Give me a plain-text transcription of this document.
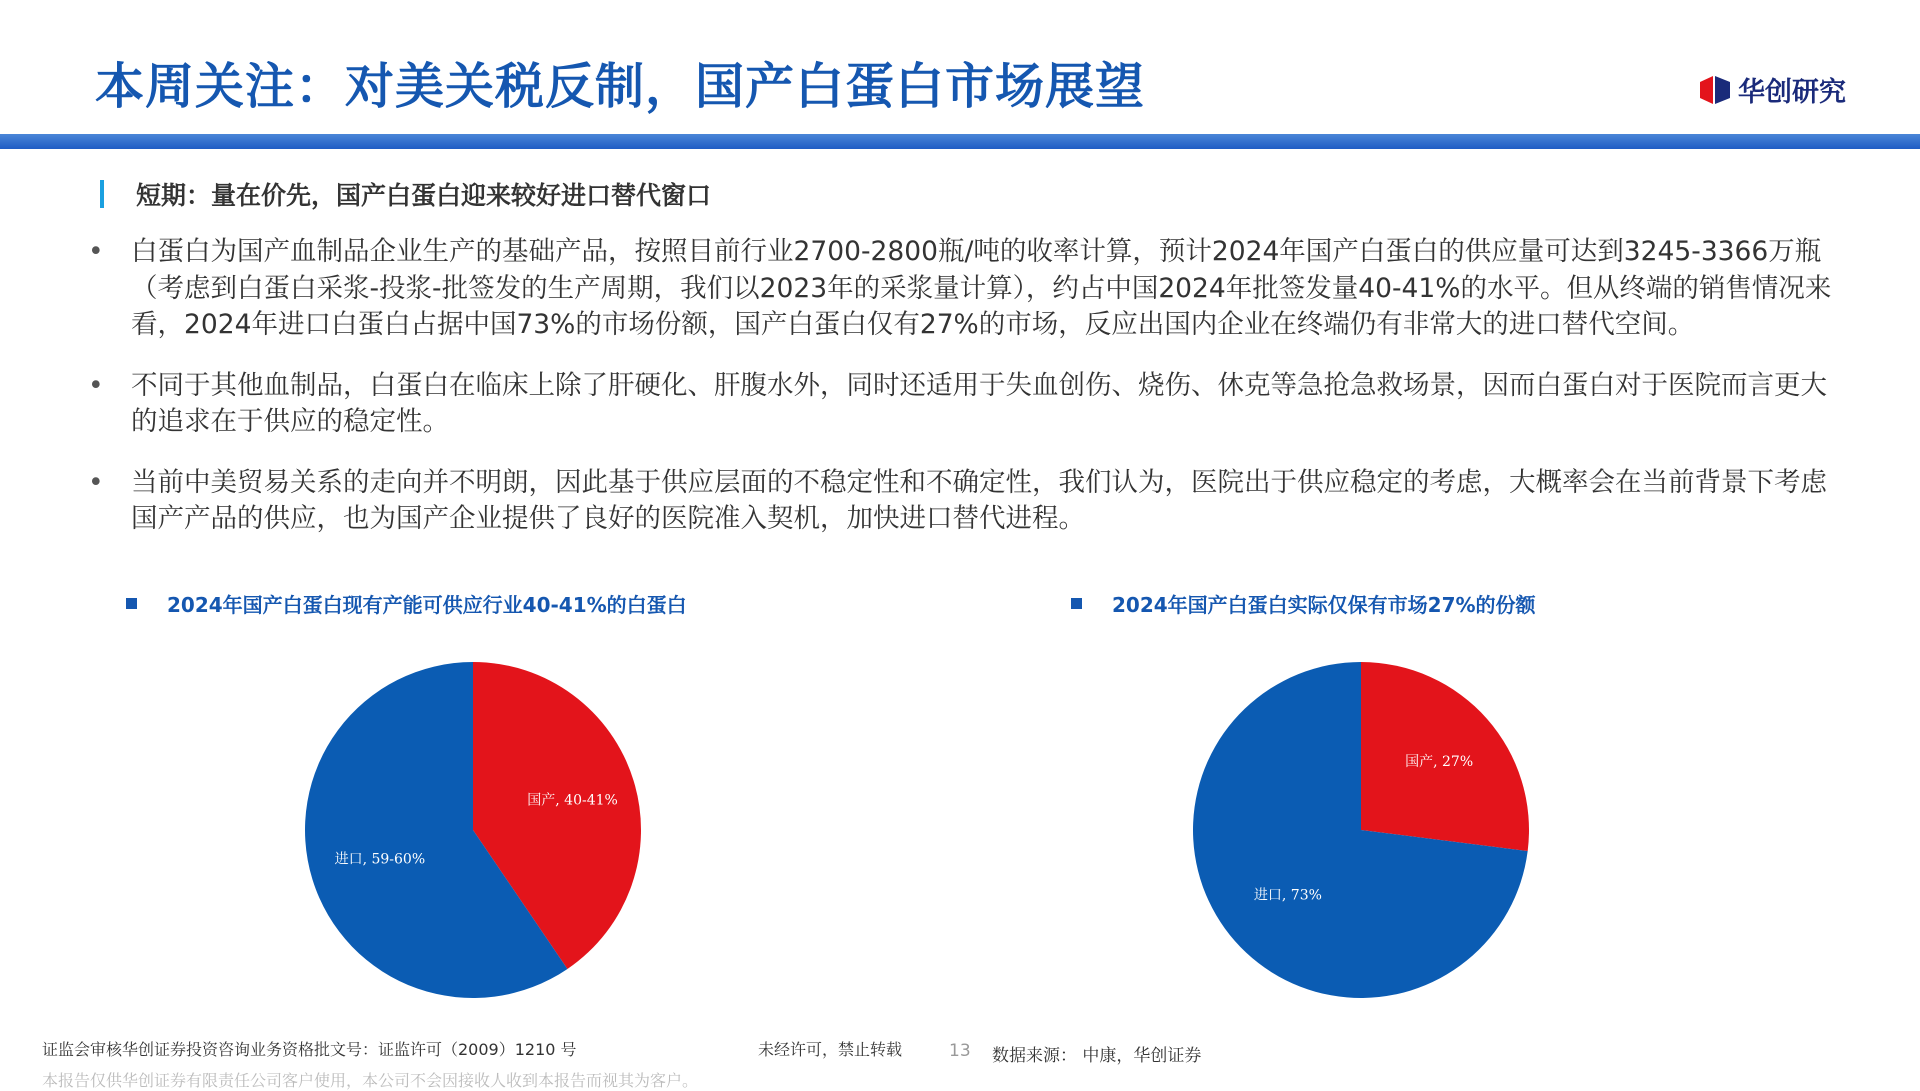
本周关注：对美关税反制，国产白蛋白市场展望	华创研究
短期：量在价先，国产白蛋白迎来较好进口替代窗口
• 白蛋白为国产血制品企业生产的基础产品，按照目前行业2700-2800瓶/吨的收率计算，预计2024年国产白蛋白的供应量可达到3245-3366万瓶（考虑到白蛋白采浆-投浆-批签发的生产周期，我们以2023年的采浆量计算），约占中国2024年批签发量40-41%的水平。但从终端的销售情况来看，2024年进口白蛋白占据中国73%的市场份额，国产白蛋白仅有27%的市场，反应出国内企业在终端仍有非常大的进口替代空间。
• 不同于其他血制品，白蛋白在临床上除了肝硬化、肝腹水外，同时还适用于失血创伤、烧伤、休克等急抢急救场景，因而白蛋白对于医院而言更大的追求在于供应的稳定性。
• 当前中美贸易关系的走向并不明朗，因此基于供应层面的不稳定性和不确定性，我们认为，医院出于供应稳定的考虑，大概率会在当前背景下考虑国产产品的供应，也为国产企业提供了良好的医院准入契机，加快进口替代进程。
2024年国产白蛋白现有产能可供应行业40-41%的白蛋白	2024年国产白蛋白实际仅保有市场27%的份额
国产, 40-41%
进口, 59-60%
国产, 27%
进口, 73%
证监会审核华创证券投资咨询业务资格批文号：证监许可（2009）1210 号	未经许可，禁止转载	13 数据来源： 中康，华创证券
本报告仅供华创证券有限责任公司客户使用，本公司不会因接收人收到本报告而视其为客户。
